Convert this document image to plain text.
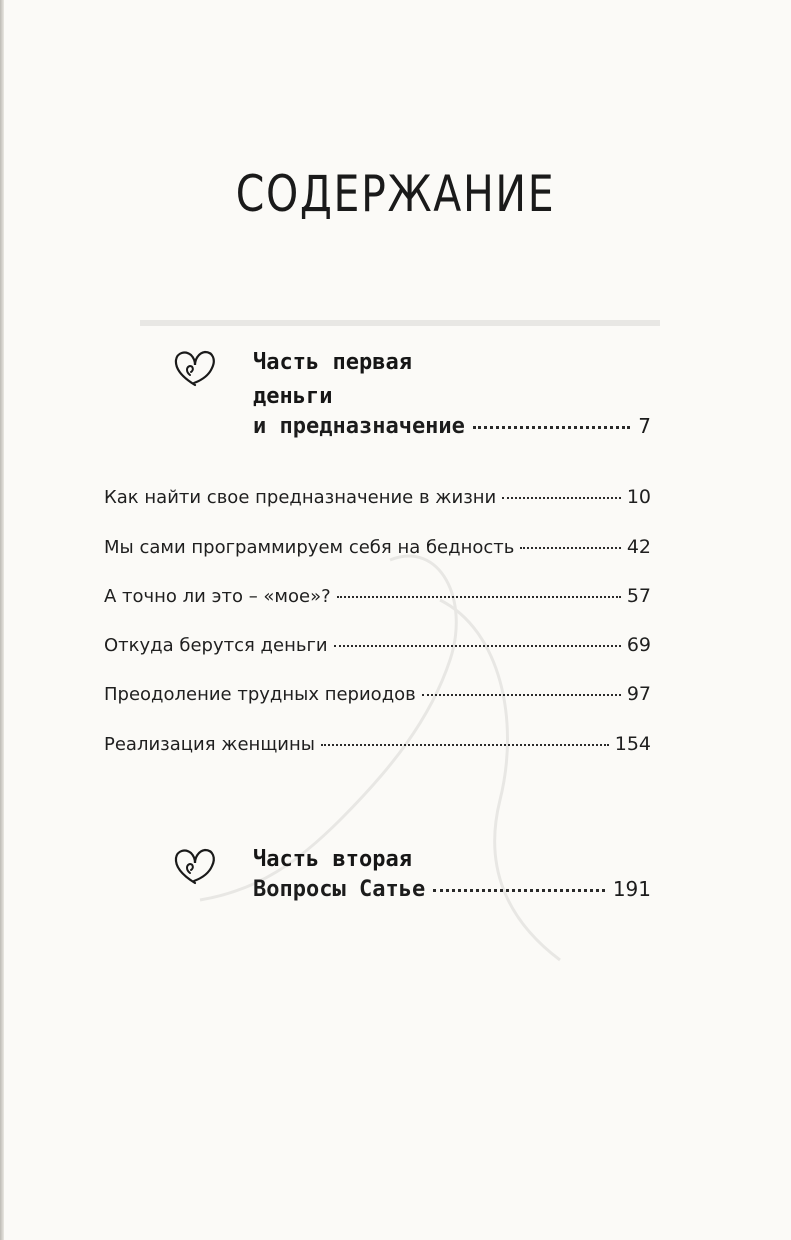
СОДЕРЖАНИЕ
Часть первая
деньги
и предназначение	7
Как найти свое предназначение в жизни	10
Мы сами программируем себя на бедность	42
А точно ли это – «мое»?	57
Откуда берутся деньги	69
Преодоление трудных периодов	97
Реализация женщины	154
Часть вторая
Вопросы Сатье	191
